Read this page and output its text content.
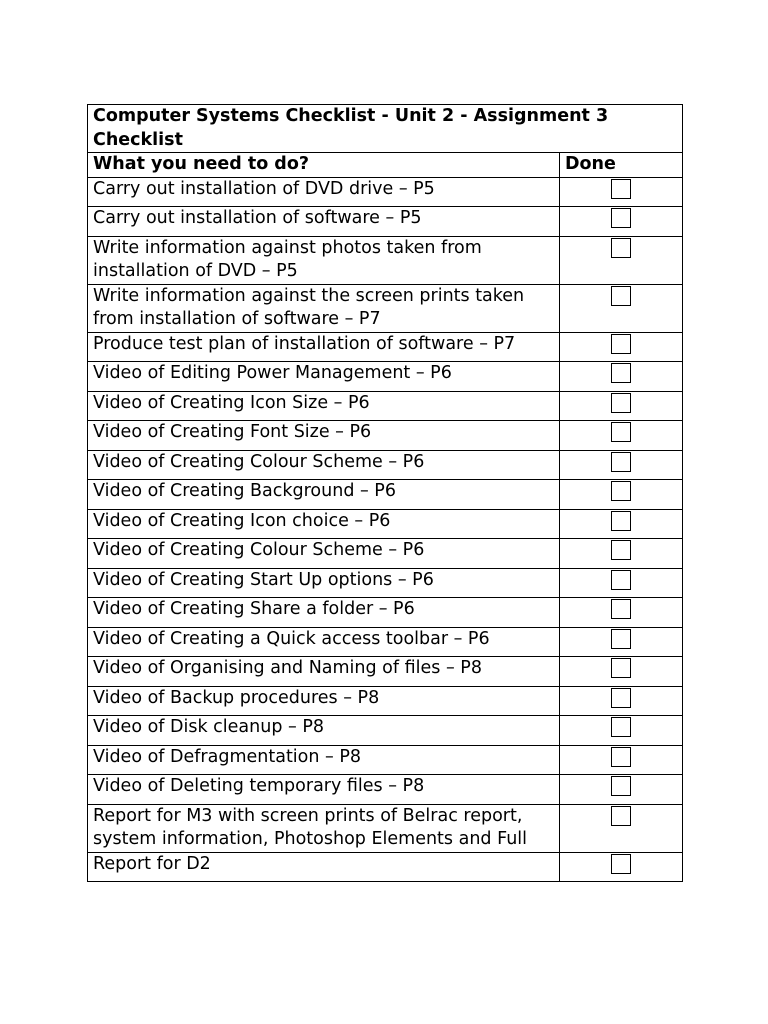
Computer Systems Checklist - Unit 2 - Assignment 3 Checklist	
What you need to do?	Done
Carry out installation of DVD drive – P5	
Carry out installation of software – P5	
Write information against photos taken from installation of DVD – P5	
Write information against the screen prints taken from installation of software – P7	
Produce test plan of installation of software – P7	
Video of Editing Power Management – P6	
Video of Creating Icon Size – P6	
Video of Creating Font Size – P6	
Video of Creating Colour Scheme – P6	
Video of Creating Background – P6	
Video of Creating Icon choice – P6	
Video of Creating Colour Scheme – P6	
Video of Creating Start Up options – P6	
Video of Creating Share a folder – P6	
Video of Creating a Quick access toolbar – P6	
Video of Organising and Naming of files – P8	
Video of Backup procedures – P8	
Video of Disk cleanup – P8	
Video of Defragmentation – P8	
Video of Deleting temporary files – P8	
Report for M3 with screen prints of Belrac report, system information, Photoshop Elements and Full	
Report for D2	
